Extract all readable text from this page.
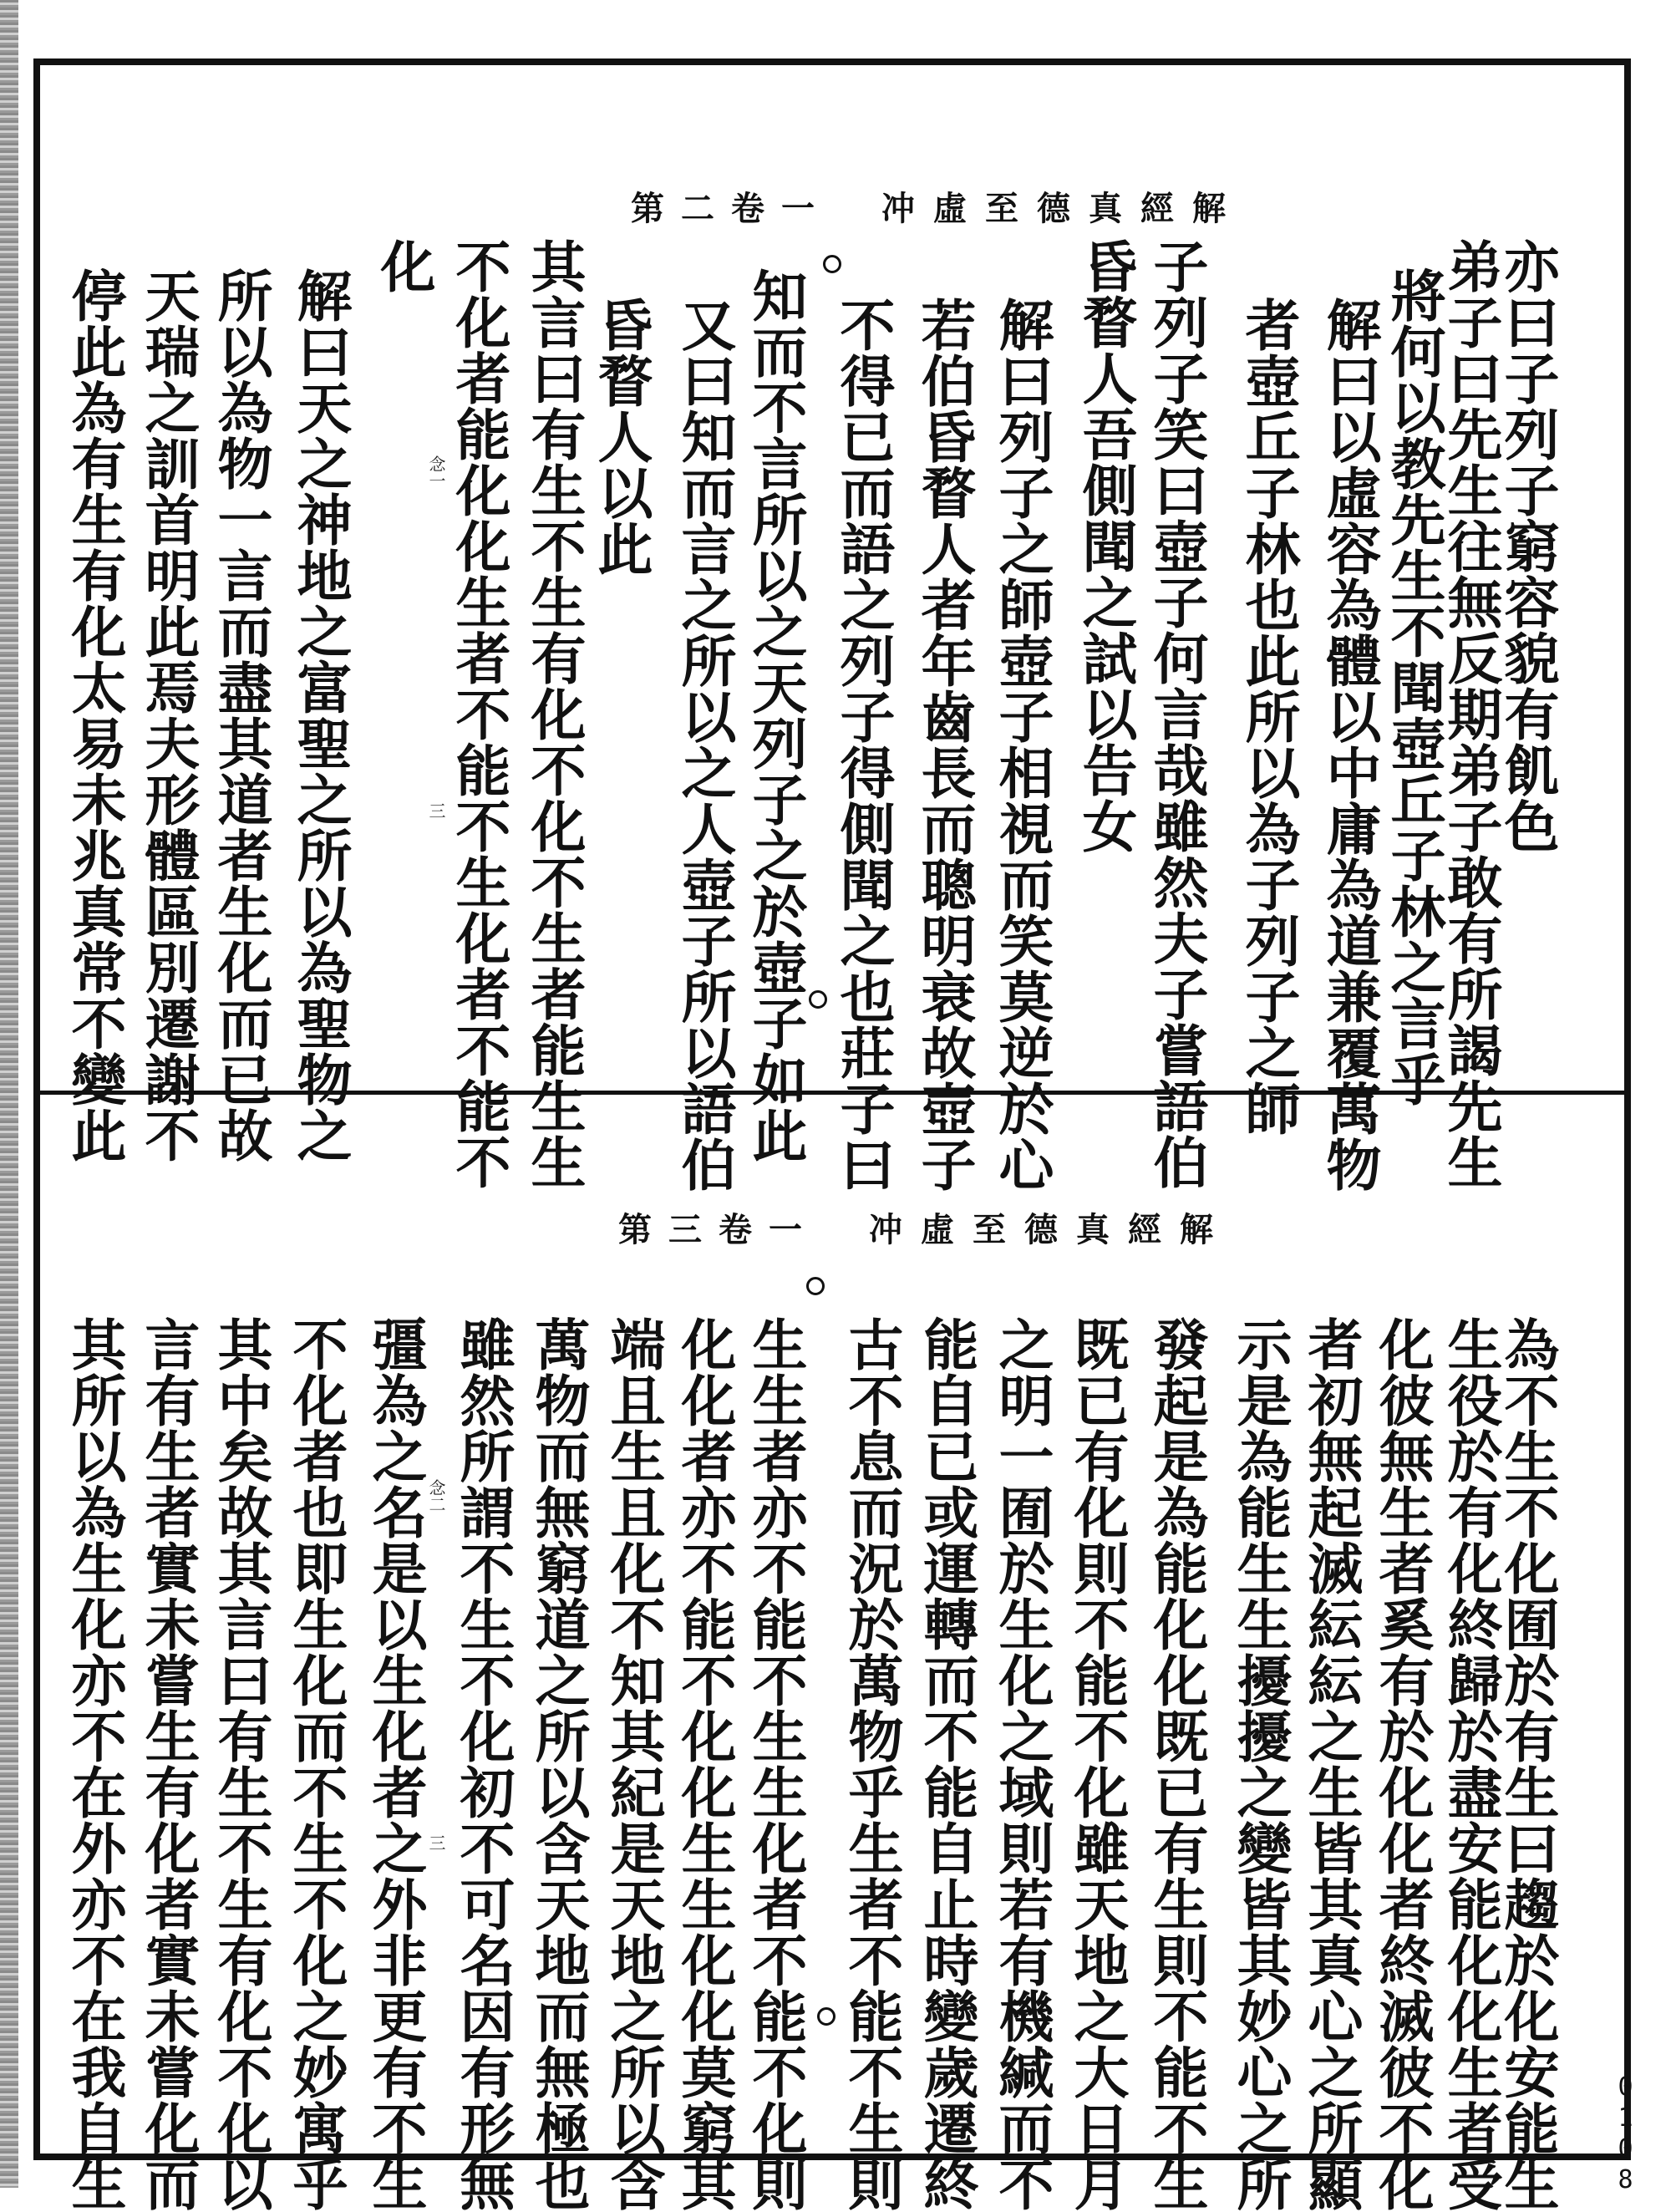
第二卷一 冲虛至德真經解
亦曰子列子窮容貌有飢色
弟子曰先生往無反期弟子敢有所謁先生
將何以教先生不聞壺丘子林之言乎
解曰以虛容為體以中庸為道兼覆萬物
者壺丘子林也此所以為子列子之師
子列子笑曰壺子何言哉雖然夫子嘗語伯
昏瞀人吾側聞之試以告女
解曰列子之師壺子相視而笑莫逆於心
若伯昏瞀人者年齒長而聰明衰故壺子
不得已而語之列子得側聞之也莊子曰
知而不言所以之天列子之於壺子如此
又曰知而言之所以之人壺子所以語伯
昏瞀人以此
其言曰有生不生有化不化不生者能生生
不化者能化化生者不能不生化者不能不
化
解曰天之神地之富聖之所以為聖物之
所以為物一言而盡其道者生化而已故
天瑞之訓首明此焉夫形體區別遷謝不
停此為有生有化太易未兆真常不變此	念一
三
第三卷一 冲虛至德真經解
為不生不化囿於有生曰趨於化安能生
生役於有化終歸於盡安能化化生者受
化彼無生者奚有於化化者終滅彼不化
者初無起滅紜紜之生皆其真心之所顯
示是為能生生擾擾之變皆其妙心之所
發起是為能化化既已有生則不能不生
既已有化則不能不化雖天地之大日月
之明一囿於生化之域則若有機緘而不
能自已或運轉而不能自止時變歲遷終
古不息而況於萬物乎生者不能不生則
生生者亦不能不生生化者不能不化則
化化者亦不能不化化生生化化莫窮其
端且生且化不知其紀是天地之所以含
萬物而無窮道之所以含天地而無極也
雖然所謂不生不化初不可名因有形無
彊為之名是以生化者之外非更有不生
不化者也即生化而不生不化之妙寓乎
其中矣故其言曰有生不生有化不化以
言有生者實未嘗生有化者實未嘗化而
其所以為生化亦不在外亦不在我自生	念二
三
0108
